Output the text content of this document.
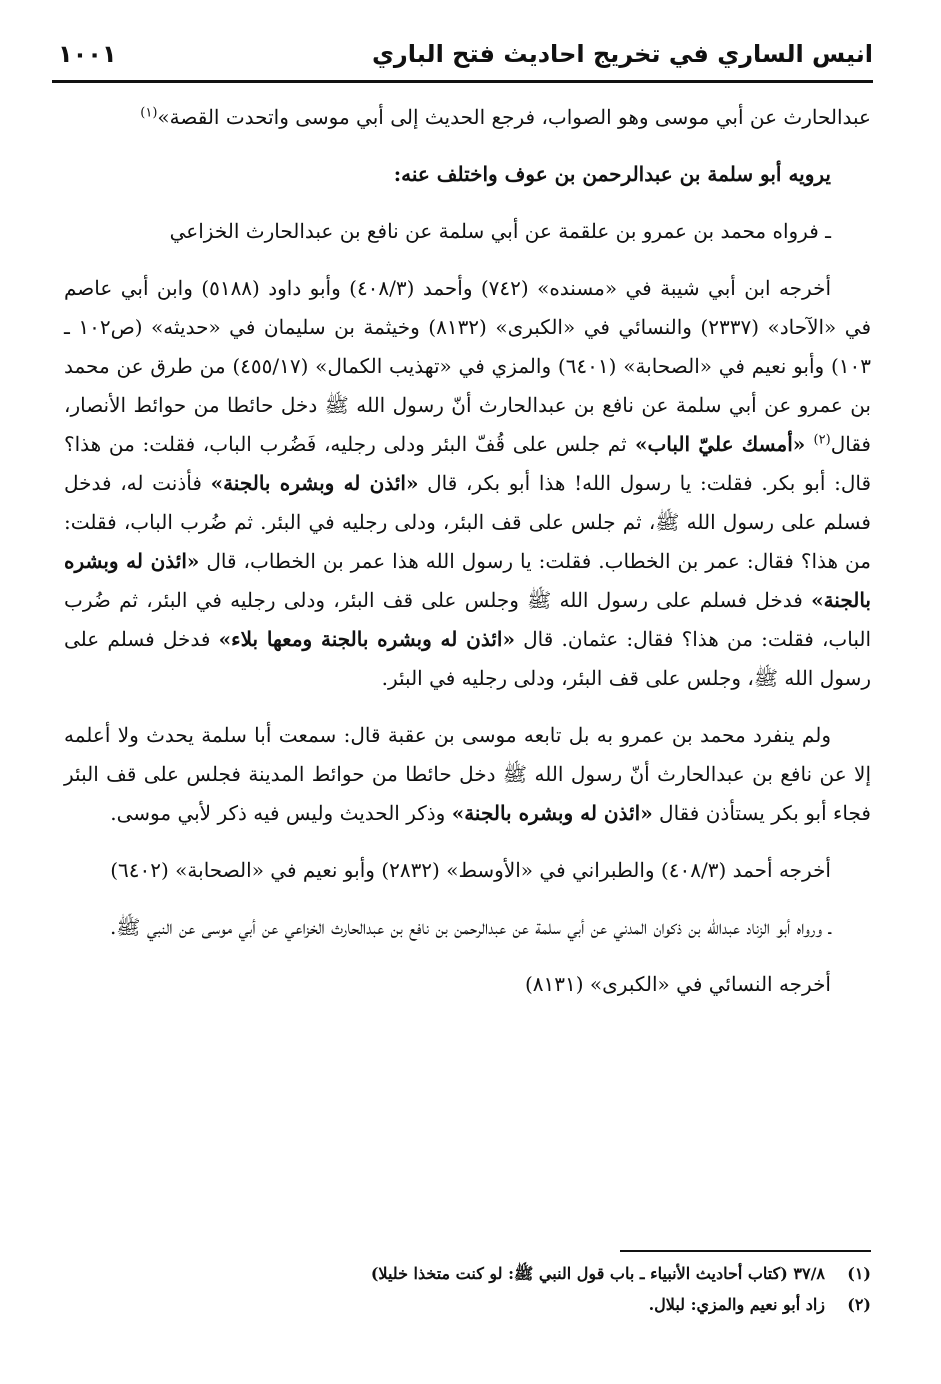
انيس الساري في تخريج احاديث فتح الباري
١٠٠١

عبدالحارث عن أبي موسى وهو الصواب، فرجع الحديث إلى أبي موسى واتحدت القصة»$^{(١)}$

يرويه أبو سلمة بن عبدالرحمن بن عوف واختلف عنه:

ـ فرواه محمد بن عمرو بن علقمة عن أبي سلمة عن نافع بن عبدالحارث الخزاعي

أخرجه ابن أبي شيبة في «مسنده» (٧٤٢) وأحمد (٤٠٨/٣) وأبو داود (٥١٨٨) وابن أبي عاصم في «الآحاد» (٢٣٣٧) والنسائي في «الكبرى» (٨١٣٢) وخيثمة بن سليمان في «حديثه» (ص١٠٢ ـ ١٠٣) وأبو نعيم في «الصحابة» (٦٤٠١) والمزي في «تهذيب الكمال» (٤٥٥/١٧) من طرق عن محمد بن عمرو عن أبي سلمة عن نافع بن عبدالحارث أنّ رسول الله ﷺ دخل حائطا من حوائط الأنصار، فقال$^{(٢)}$ «أمسك عليّ الباب» ثم جلس على قُفّ البئر ودلى رجليه، فَضُرب الباب، فقلت: من هذا؟ قال: أبو بكر. فقلت: يا رسول الله! هذا أبو بكر، قال «ائذن له وبشره بالجنة» فأذنت له، فدخل فسلم على رسول الله ﷺ، ثم جلس على قف البئر، ودلى رجليه في البئر. ثم ضُرب الباب، فقلت: من هذا؟ فقال: عمر بن الخطاب. فقلت: يا رسول الله هذا عمر بن الخطاب، قال «ائذن له وبشره بالجنة» فدخل فسلم على رسول الله ﷺ وجلس على قف البئر، ودلى رجليه في البئر، ثم ضُرب الباب، فقلت: من هذا؟ فقال: عثمان. قال «ائذن له وبشره بالجنة ومعها بلاء» فدخل فسلم على رسول الله ﷺ، وجلس على قف البئر، ودلى رجليه في البئر.

ولم ينفرد محمد بن عمرو به بل تابعه موسى بن عقبة قال: سمعت أبا سلمة يحدث ولا أعلمه إلا عن نافع بن عبدالحارث أنّ رسول الله ﷺ دخل حائطا من حوائط المدينة فجلس على قف البئر فجاء أبو بكر يستأذن فقال «ائذن له وبشره بالجنة» وذكر الحديث وليس فيه ذكر لأبي موسى.

أخرجه أحمد (٤٠٨/٣) والطبراني في «الأوسط» (٢٨٣٢) وأبو نعيم في «الصحابة» (٦٤٠٢)

ـ ورواه أبو الزناد عبدالله بن ذكوان المدني عن أبي سلمة عن عبدالرحمن بن نافع بن عبدالحارث الخزاعي عن أبي موسى عن النبي ﷺ.

أخرجه النسائي في «الكبرى» (٨١٣١)

(١)
٣٧/٨ (كتاب أحاديث الأنبياء ـ باب قول النبي ﷺ: لو كنت متخذا خليلا)
(٢)
زاد أبو نعيم والمزي: لبلال.
